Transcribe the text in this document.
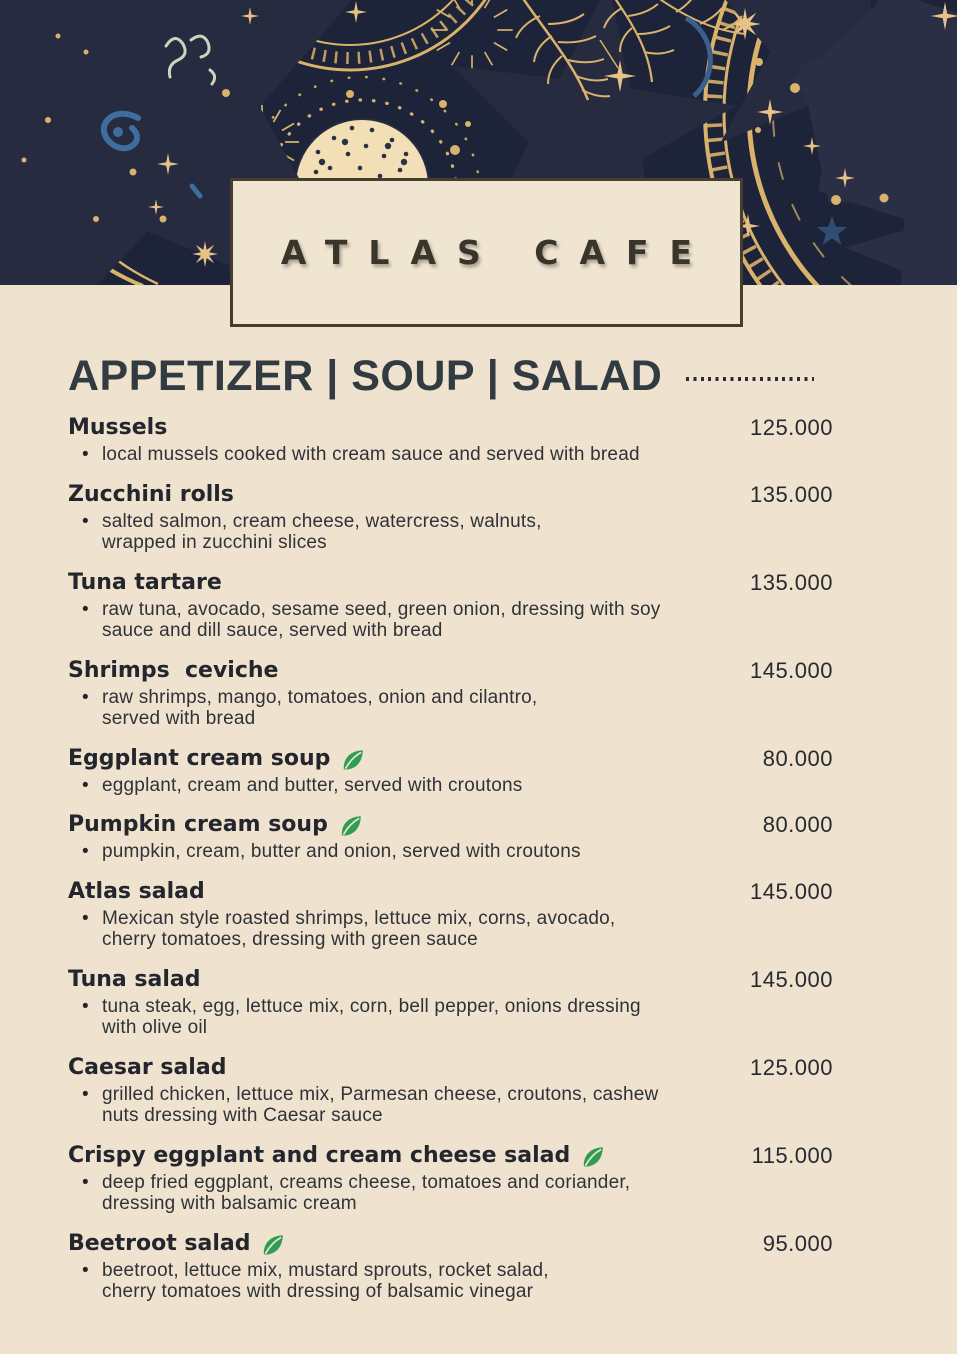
ATLAS CAFE
APPETIZER | SOUP | SALAD
Mussels	125.000
• local mussels cooked with cream sauce and served with bread
Zucchini rolls	135.000
• salted salmon, cream cheese, watercress, walnuts,
wrapped in zucchini slices
Tuna tartare	135.000
• raw tuna, avocado, sesame seed, green onion, dressing with soy
sauce and dill sauce, served with bread
Shrimps  ceviche	145.000
• raw shrimps, mango, tomatoes, onion and cilantro,
served with bread
Eggplant cream soup	80.000
• eggplant, cream and butter, served with croutons
Pumpkin cream soup	80.000
• pumpkin, cream, butter and onion, served with croutons
Atlas salad	145.000
• Mexican style roasted shrimps, lettuce mix, corns, avocado,
cherry tomatoes, dressing with green sauce
Tuna salad	145.000
• tuna steak, egg, lettuce mix, corn, bell pepper, onions dressing
with olive oil
Caesar salad	125.000
• grilled chicken, lettuce mix, Parmesan cheese, croutons, cashew
nuts dressing with Caesar sauce
Crispy eggplant and cream cheese salad	115.000
• deep fried eggplant, creams cheese, tomatoes and coriander,
dressing with balsamic cream
Beetroot salad	95.000
• beetroot, lettuce mix, mustard sprouts, rocket salad,
cherry tomatoes with dressing of balsamic vinegar
